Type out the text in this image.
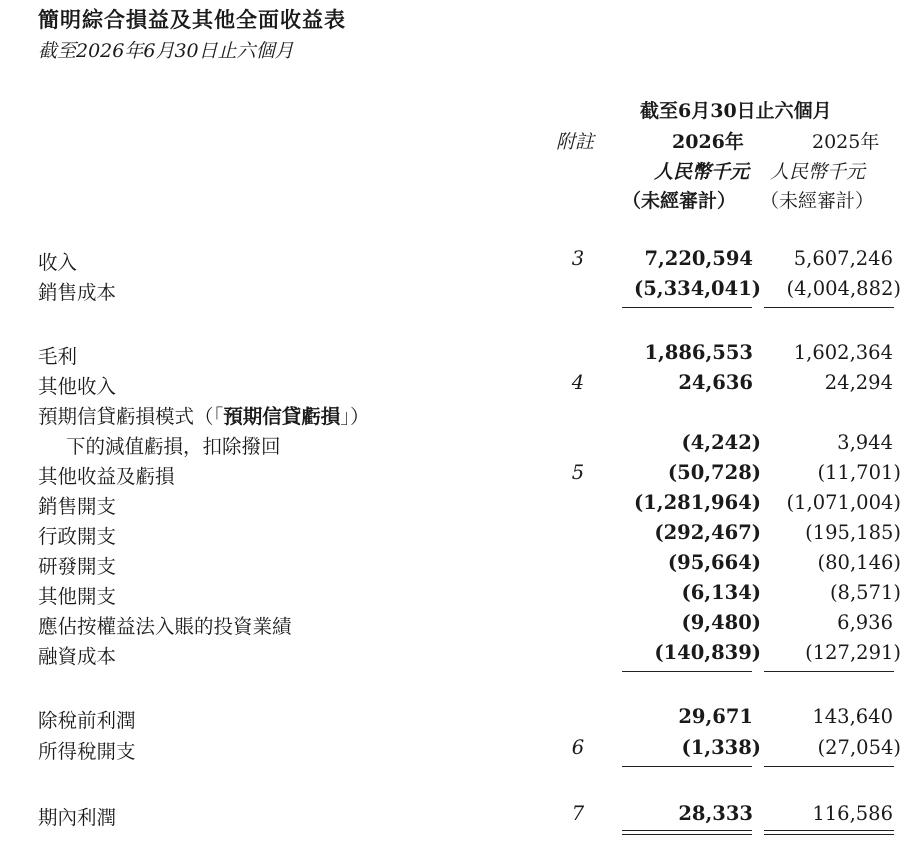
簡明綜合損益及其他全面收益表
截至2026年6月30日止六個月
截至6月30日止六個月
附註	2026年	2025年
人民幣千元 人民幣千元
（未經審計） （未經審計）
收入	3	7,220,594 5,607,246
銷售成本	(5,334,041) (4,004,882)
毛利	1,886,553 1,602,364
其他收入	4	24,636	24,294
預期信貸虧損模式（「預期信貸虧損」）
下的減值虧損，扣除撥回	(4,242)	3,944
其他收益及虧損	5	(50,728)	(11,701)
銷售開支	(1,281,964) (1,071,004)
行政開支	(292,467) (195,185)
研發開支	(95,664)	(80,146)
其他開支	(6,134)	(8,571)
應佔按權益法入賬的投資業績	(9,480)	6,936
融資成本	(140,839) (127,291)
除稅前利潤	29,671	143,640
所得稅開支	6	(1,338)	(27,054)
期內利潤	7	28,333	116,586
